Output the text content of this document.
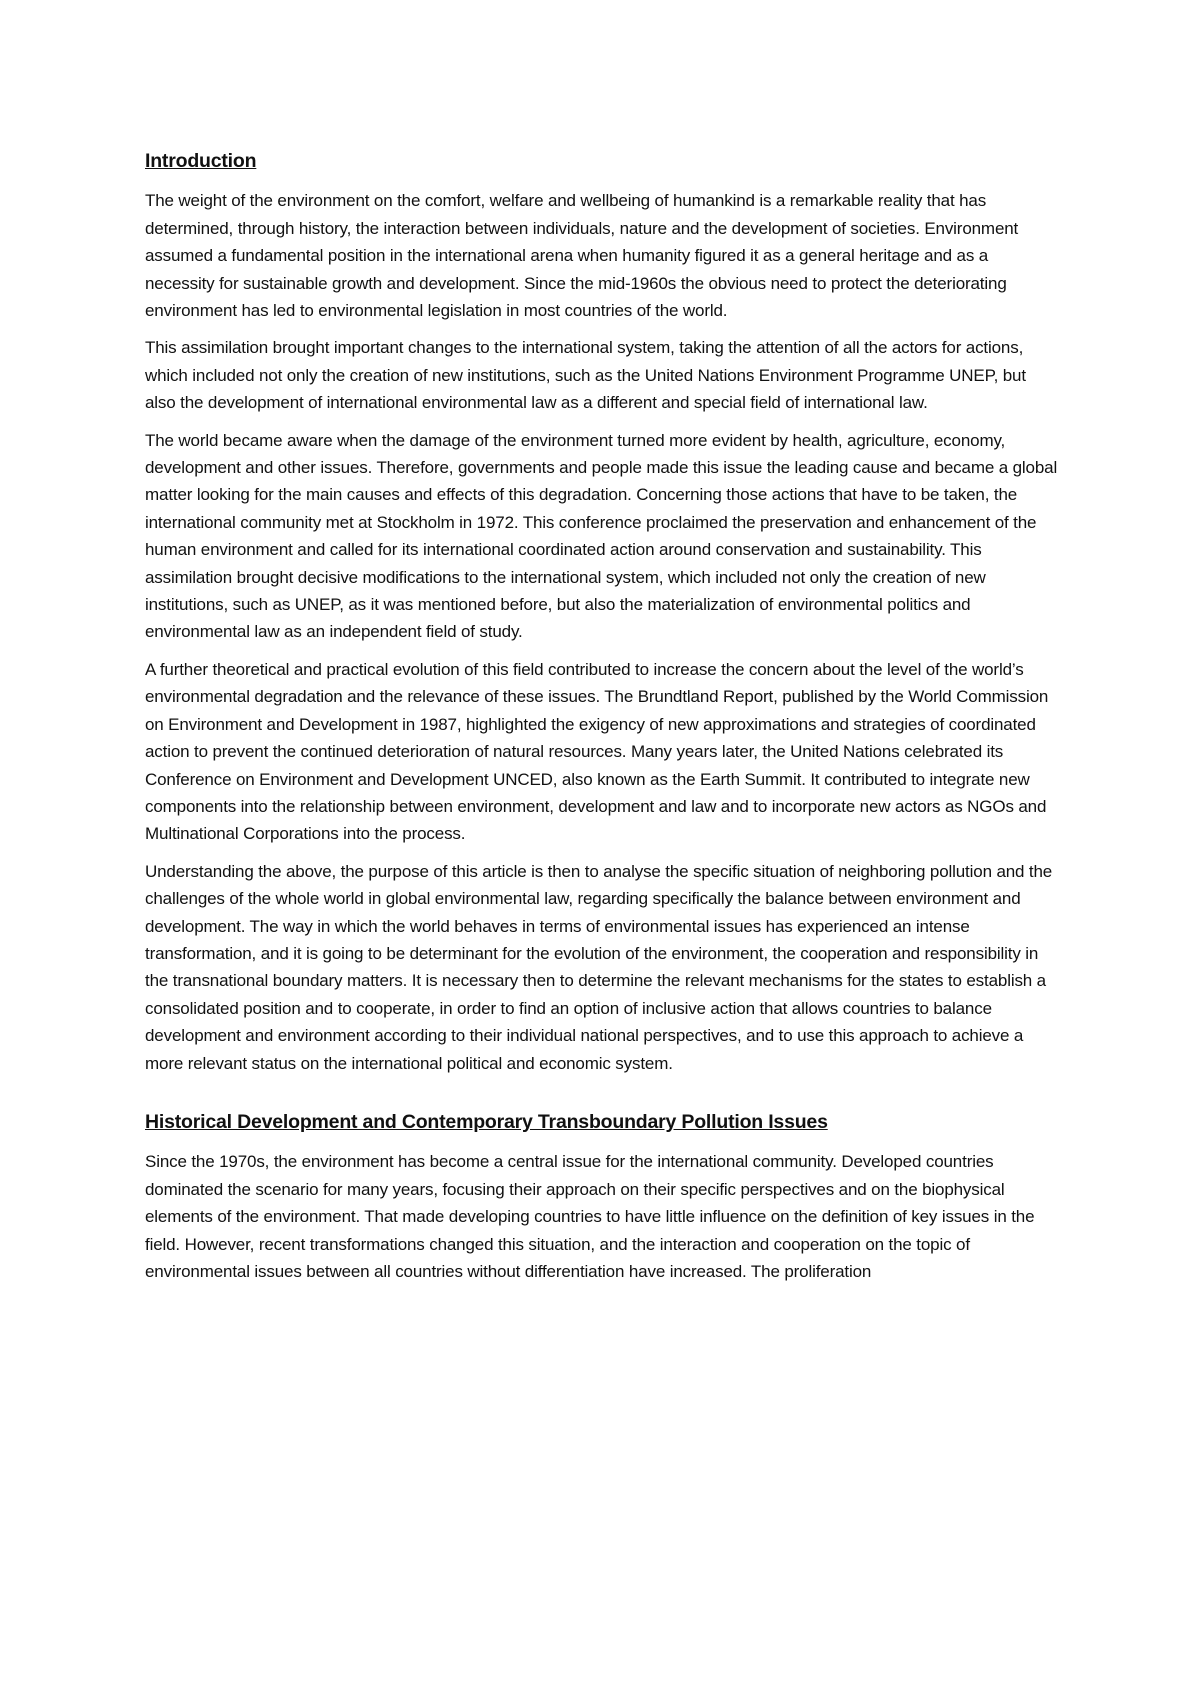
Introduction

The weight of the environment on the comfort, welfare and wellbeing of humankind is a remarkable reality that has determined, through history, the interaction between individuals, nature and the development of societies. Environment assumed a fundamental position in the international arena when humanity figured it as a general heritage and as a necessity for sustainable growth and development. Since the mid-1960s the obvious need to protect the deteriorating environment has led to environmental legislation in most countries of the world.

This assimilation brought important changes to the international system, taking the attention of all the actors for actions, which included not only the creation of new institutions, such as the United Nations Environment Programme UNEP, but also the development of international environmental law as a different and special field of international law.

The world became aware when the damage of the environment turned more evident by health, agriculture, economy, development and other issues. Therefore, governments and people made this issue the leading cause and became a global matter looking for the main causes and effects of this degradation. Concerning those actions that have to be taken, the international community met at Stockholm in 1972. This conference proclaimed the preservation and enhancement of the human environment and called for its international coordinated action around conservation and sustainability. This assimilation brought decisive modifications to the international system, which included not only the creation of new institutions, such as UNEP, as it was mentioned before, but also the materialization of environmental politics and environmental law as an independent field of study.

A further theoretical and practical evolution of this field contributed to increase the concern about the level of the world’s environmental degradation and the relevance of these issues. The Brundtland Report, published by the World Commission on Environment and Development in 1987, highlighted the exigency of new approximations and strategies of coordinated action to prevent the continued deterioration of natural resources. Many years later, the United Nations celebrated its Conference on Environment and Development UNCED, also known as the Earth Summit. It contributed to integrate new components into the relationship between environment, development and law and to incorporate new actors as NGOs and Multinational Corporations into the process.

Understanding the above, the purpose of this article is then to analyse the specific situation of neighboring pollution and the challenges of the whole world in global environmental law, regarding specifically the balance between environment and development. The way in which the world behaves in terms of environmental issues has experienced an intense transformation, and it is going to be determinant for the evolution of the environment, the cooperation and responsibility in the transnational boundary matters. It is necessary then to determine the relevant mechanisms for the states to establish a consolidated position and to cooperate, in order to find an option of inclusive action that allows countries to balance development and environment according to their individual national perspectives, and to use this approach to achieve a more relevant status on the international political and economic system.

Historical Development and Contemporary Transboundary Pollution Issues

Since the 1970s, the environment has become a central issue for the international community. Developed countries dominated the scenario for many years, focusing their approach on their specific perspectives and on the biophysical elements of the environment. That made developing countries to have little influence on the definition of key issues in the field. However, recent transformations changed this situation, and the interaction and cooperation on the topic of environmental issues between all countries without differentiation have increased. The proliferation
